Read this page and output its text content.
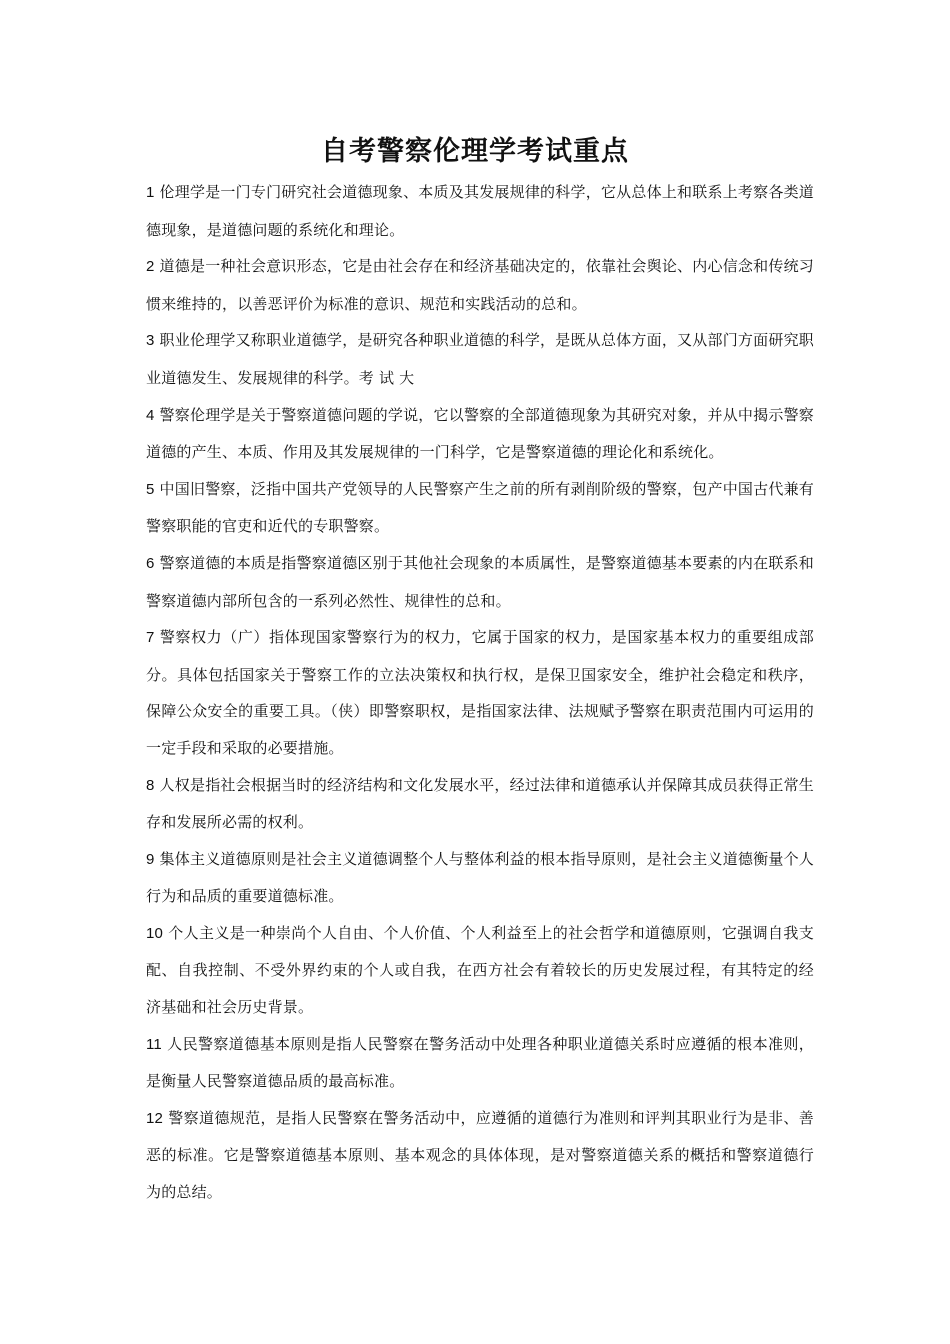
自考警察伦理学考试重点

1 伦理学是一门专门研究社会道德现象、本质及其发展规律的科学，它从总体上和联系上考察各类道德现象，是道德问题的系统化和理论。

2 道德是一种社会意识形态，它是由社会存在和经济基础决定的，依靠社会舆论、内心信念和传统习惯来维持的，以善恶评价为标准的意识、规范和实践活动的总和。

3 职业伦理学又称职业道德学，是研究各种职业道德的科学，是既从总体方面，又从部门方面研究职业道德发生、发展规律的科学。考 试 大

4 警察伦理学是关于警察道德问题的学说，它以警察的全部道德现象为其研究对象，并从中揭示警察道德的产生、本质、作用及其发展规律的一门科学，它是警察道德的理论化和系统化。

5 中国旧警察，泛指中国共产党领导的人民警察产生之前的所有剥削阶级的警察，包产中国古代兼有警察职能的官吏和近代的专职警察。

6 警察道德的本质是指警察道德区别于其他社会现象的本质属性，是警察道德基本要素的内在联系和警察道德内部所包含的一系列必然性、规律性的总和。

7 警察权力（广）指体现国家警察行为的权力，它属于国家的权力，是国家基本权力的重要组成部分。具体包括国家关于警察工作的立法决策权和执行权，是保卫国家安全，维护社会稳定和秩序，保障公众安全的重要工具。（侠）即警察职权，是指国家法律、法规赋予警察在职责范围内可运用的一定手段和采取的必要措施。

8 人权是指社会根据当时的经济结构和文化发展水平，经过法律和道德承认并保障其成员获得正常生存和发展所必需的权利。

9 集体主义道德原则是社会主义道德调整个人与整体利益的根本指导原则，是社会主义道德衡量个人行为和品质的重要道德标准。

10 个人主义是一种崇尚个人自由、个人价值、个人利益至上的社会哲学和道德原则，它强调自我支配、自我控制、不受外界约束的个人或自我，在西方社会有着较长的历史发展过程，有其特定的经济基础和社会历史背景。

11 人民警察道德基本原则是指人民警察在警务活动中处理各种职业道德关系时应遵循的根本准则，是衡量人民警察道德品质的最高标准。

12 警察道德规范，是指人民警察在警务活动中，应遵循的道德行为准则和评判其职业行为是非、善恶的标准。它是警察道德基本原则、基本观念的具体体现，是对警察道德关系的概括和警察道德行为的总结。
